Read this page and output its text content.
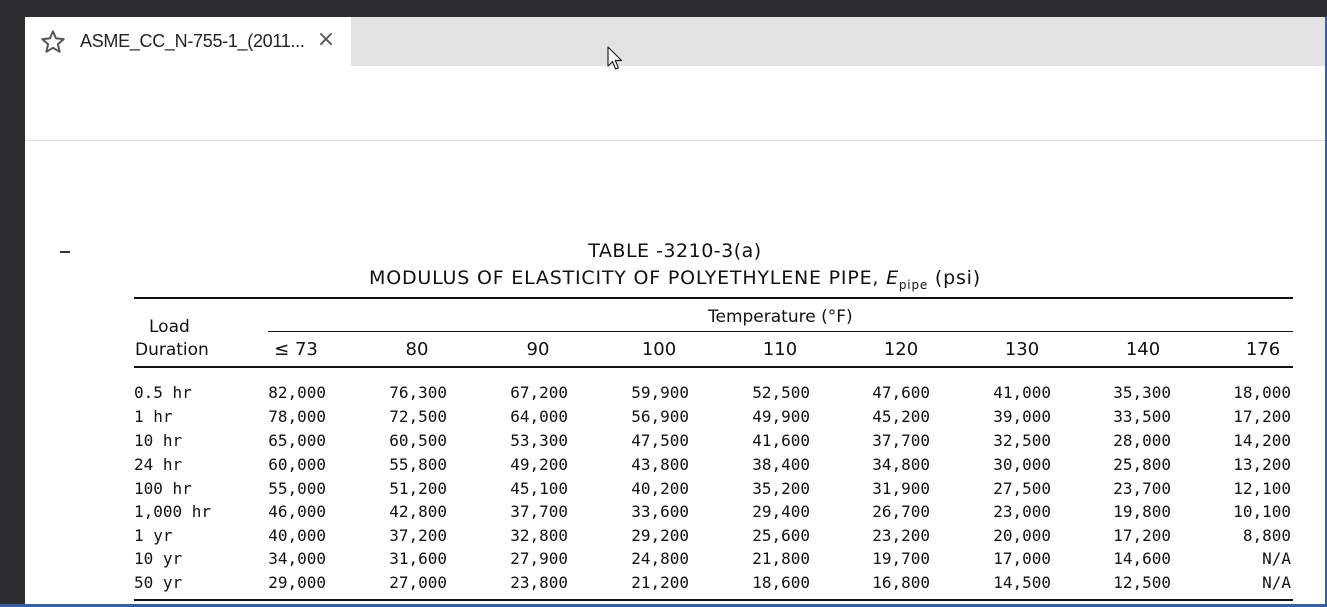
ASME_CC_N-755-1_(2011... ×
TABLE -3210-3(a)
MODULUS OF ELASTICITY OF POLYETHYLENE PIPE, $E_{pipe}$ (psi)
Load
Duration
Temperature (°F)
≤ 73	80	90	100	110	120	130	140	176
0.5 hr	82,000	76,300	67,200	59,900	52,500	47,600	41,000	35,300	18,000
1 hr	78,000	72,500	64,000	56,900	49,900	45,200	39,000	33,500	17,200
10 hr	65,000	60,500	53,300	47,500	41,600	37,700	32,500	28,000	14,200
24 hr	60,000	55,800	49,200	43,800	38,400	34,800	30,000	25,800	13,200
100 hr	55,000	51,200	45,100	40,200	35,200	31,900	27,500	23,700	12,100
1,000 hr	46,000	42,800	37,700	33,600	29,400	26,700	23,000	19,800	10,100
1 yr	40,000	37,200	32,800	29,200	25,600	23,200	20,000	17,200	8,800
10 yr	34,000	31,600	27,900	24,800	21,800	19,700	17,000	14,600	N/A
50 yr	29,000	27,000	23,800	21,200	18,600	16,800	14,500	12,500	N/A
